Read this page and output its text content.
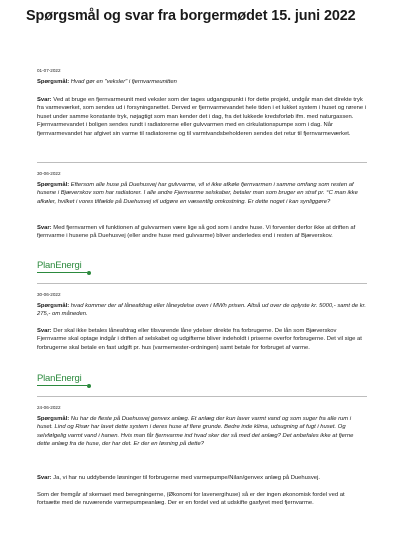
Spørgsmål og svar fra borgermødet 15. juni 2022
01-07-2022

Spørgsmål: Hvad gør en "veksler" i fjernvarmeunitten

Svar: Ved at bruge en fjernvarmeunit med veksler som der tages udgangspunkt i for dette projekt, undgår man det direkte tryk fra varmeværket, som sendes ud i forsyningsnettet. Derved er fjernvarmevandet hele tiden i et lukket system i huset og rørene i huset under samme konstante tryk, nøjagtigt som man kender det i dag, fra det lukkede kredsforløb ifm. med naturgassen. Fjernvarmevandet i boligen sendes rundt i radiatorerne eller gulvvarmen med en cirkulationspumpe som i dag. Når fjernvarmevandet har afgivet sin varme til radiatorerne og til varmtvandsbeholderen sendes det retur til fjernvarmeværket.

30-06-2022

Spørgsmål: Eftersom alle huse på Duehusvej har gulvvarme, vil vi ikke afkøle fjernvarmen i samme omfang som resten af husene i Bjæverskov som har radiatorer. I alle andre Fjernvarme selskaber, betaler man som bruger en straf pr. °C man ikke afkøler, hvilket i vores tilfælde på Duehusvej vil udgøre en væsentlig omkostning. Er dette noget i kan synliggøre?

Svar: Med fjernvarmen vil funktionen af gulvvarmen være lige så god som i andre huse. Vi forventer derfor ikke at driften af fjernvarme i husene på Duehusvej (eller andre huse med gulvvarme) bliver anderledes end i resten af Bjæverskov.

PlanEnergi
30-06-2022

Spørgsmål: hvad kommer der af låneafdrag eller låneydelse oven i MWh prisen. Altså ud over de oplyste kr. 5000,- samt de kr. 275,- om måneden.

Svar: Der skal ikke betales låneafdrag eller tilsvarende låne ydelser direkte fra forbrugerne. De lån som Bjæverskov Fjernvarme skal optage indgår i driften af selskabet og udgifterne bliver indeholdt i priserne overfor forbrugerne. Det vil sige at forbrugerne skal betale en fast udgift pr. hus (varmemester-ordningen) samt betale for forbruget af varme.

PlanEnergi
24-06-2022

Spørgsmål: Nu har de fleste på Duehusvej genvex anlæg. Et anlæg der kun laver varmt vand og som suger fra alle rum i huset. Lind og Risør har lavet dette system i deres huse af flere grunde. Bedre inde klima, udsugning af fugt i huset. Og selvfølgelig varmt vand i hanen. Hvis man får fjernvarme ind hvad sker der så med det anlæg? Det anbefales ikke at fjerne dette anlæg fra de huse, der har det. Er der en løsning på dette?

Svar: Ja, vi har nu uddybende løsninger til forbrugerne med varmepumpe/Nilan/genvex anlæg på Duehusvej.

Som der fremgår af skemaet med beregningerne, (Økonomi for lavenergihuse) så er der ingen økonomisk fordel ved at fortsætte med de nuværende varmepumpeanlæg. Der er en fordel ved at udskifte gasfyret med fjernvarme.
